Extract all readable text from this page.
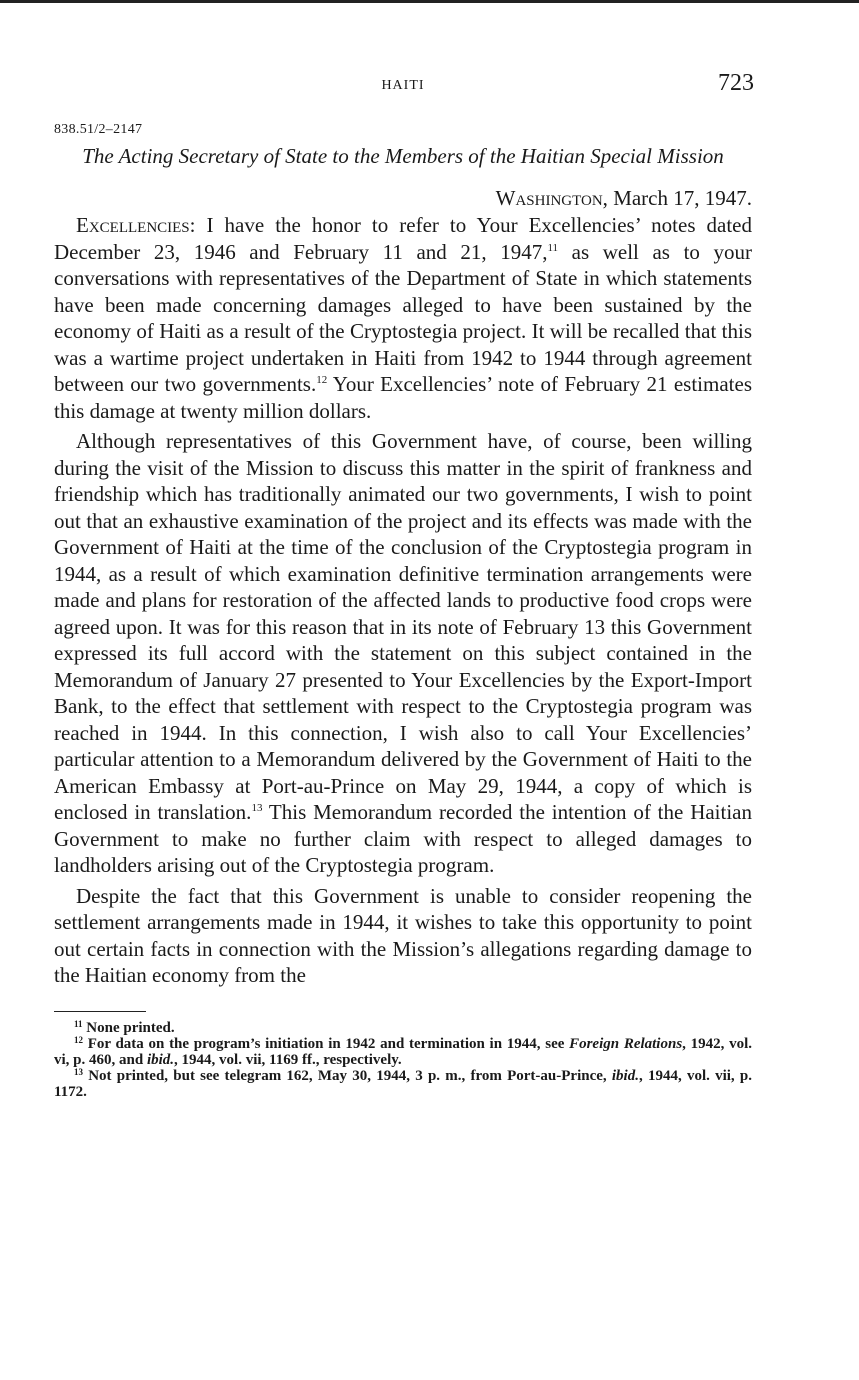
HAITI	723
838.51/2–2147
The Acting Secretary of State to the Members of the Haitian Special Mission
Washington, March 17, 1947.

Excellencies: I have the honor to refer to Your Excellencies’ notes dated December 23, 1946 and February 11 and 21, 1947,11 as well as to your conversations with representatives of the Department of State in which statements have been made concerning damages alleged to have been sustained by the economy of Haiti as a result of the Cryptostegia project. It will be recalled that this was a wartime project undertaken in Haiti from 1942 to 1944 through agreement between our two governments.$^{12}$ Your Excellencies’ note of February 21 estimates this damage at twenty million dollars.

Although representatives of this Government have, of course, been willing during the visit of the Mission to discuss this matter in the spirit of frankness and friendship which has traditionally animated our two governments, I wish to point out that an exhaustive examination of the project and its effects was made with the Government of Haiti at the time of the conclusion of the Cryptostegia program in 1944, as a result of which examination definitive termination arrangements were made and plans for restoration of the affected lands to productive food crops were agreed upon. It was for this reason that in its note of February 13 this Government expressed its full accord with the statement on this subject contained in the Memorandum of January 27 presented to Your Excellencies by the Export-Import Bank, to the effect that settlement with respect to the Cryptostegia program was reached in 1944. In this connection, I wish also to call Your Excellencies’ particular attention to a Memorandum delivered by the Government of Haiti to the American Embassy at Port-au-Prince on May 29, 1944, a copy of which is enclosed in translation.$^{13}$ This Memorandum recorded the intention of the Haitian Government to make no further claim with respect to alleged damages to landholders arising out of the Cryptostegia program.

Despite the fact that this Government is unable to consider reopening the settlement arrangements made in 1944, it wishes to take this opportunity to point out certain facts in connection with the Mission’s allegations regarding damage to the Haitian economy from the

$^{11}$ None printed.

$^{12}$ For data on the program’s initiation in 1942 and termination in 1944, see Foreign Relations, 1942, vol. vi, p. 460, and ibid., 1944, vol. vii, 1169 ff., respectively.

$^{13}$ Not printed, but see telegram 162, May 30, 1944, 3 p. m., from Port-au-Prince, ibid., 1944, vol. vii, p. 1172.
